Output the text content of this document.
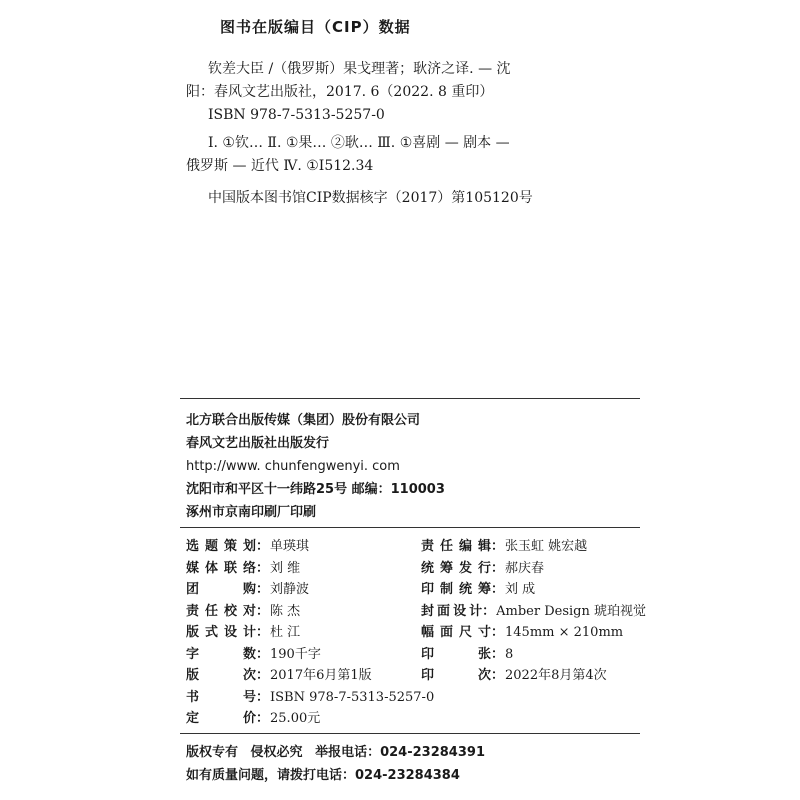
图书在版编目（CIP）数据
钦差大臣 /（俄罗斯）果戈理著；耿济之译. — 沈
阳：春风文艺出版社，2017. 6（2022. 8 重印）
ISBN 978-7-5313-5257-0
Ⅰ. ①钦… Ⅱ. ①果… ②耿… Ⅲ. ①喜剧 — 剧本 —
俄罗斯 — 近代 Ⅳ. ①I512.34
中国版本图书馆CIP数据核字（2017）第105120号
北方联合出版传媒（集团）股份有限公司
春风文艺出版社出版发行
http://www. chunfengwenyi. com
沈阳市和平区十一纬路25号 邮编：110003
涿州市京南印刷厂印刷
选题策划 ： 单瑛琪	责任编辑 ： 张玉虹 姚宏越
媒体联络 ： 刘 维	统筹发行 ： 郝庆春
团 购 ： 刘静波	印制统筹 ： 刘 成
责任校对 ： 陈 杰	封面设计 ： Amber Design 琥珀视觉
版式设计 ： 杜 江	幅面尺寸 ： 145mm × 210mm
字 数 ： 190千字	印 张 ： 8
版 次 ： 2017年6月第1版	印 次 ： 2022年8月第4次
书 号 ： ISBN 978-7-5313-5257-0
定 价 ： 25.00元
版权专有 侵权必究 举报电话：024-23284391
如有质量问题，请拨打电话：024-23284384
